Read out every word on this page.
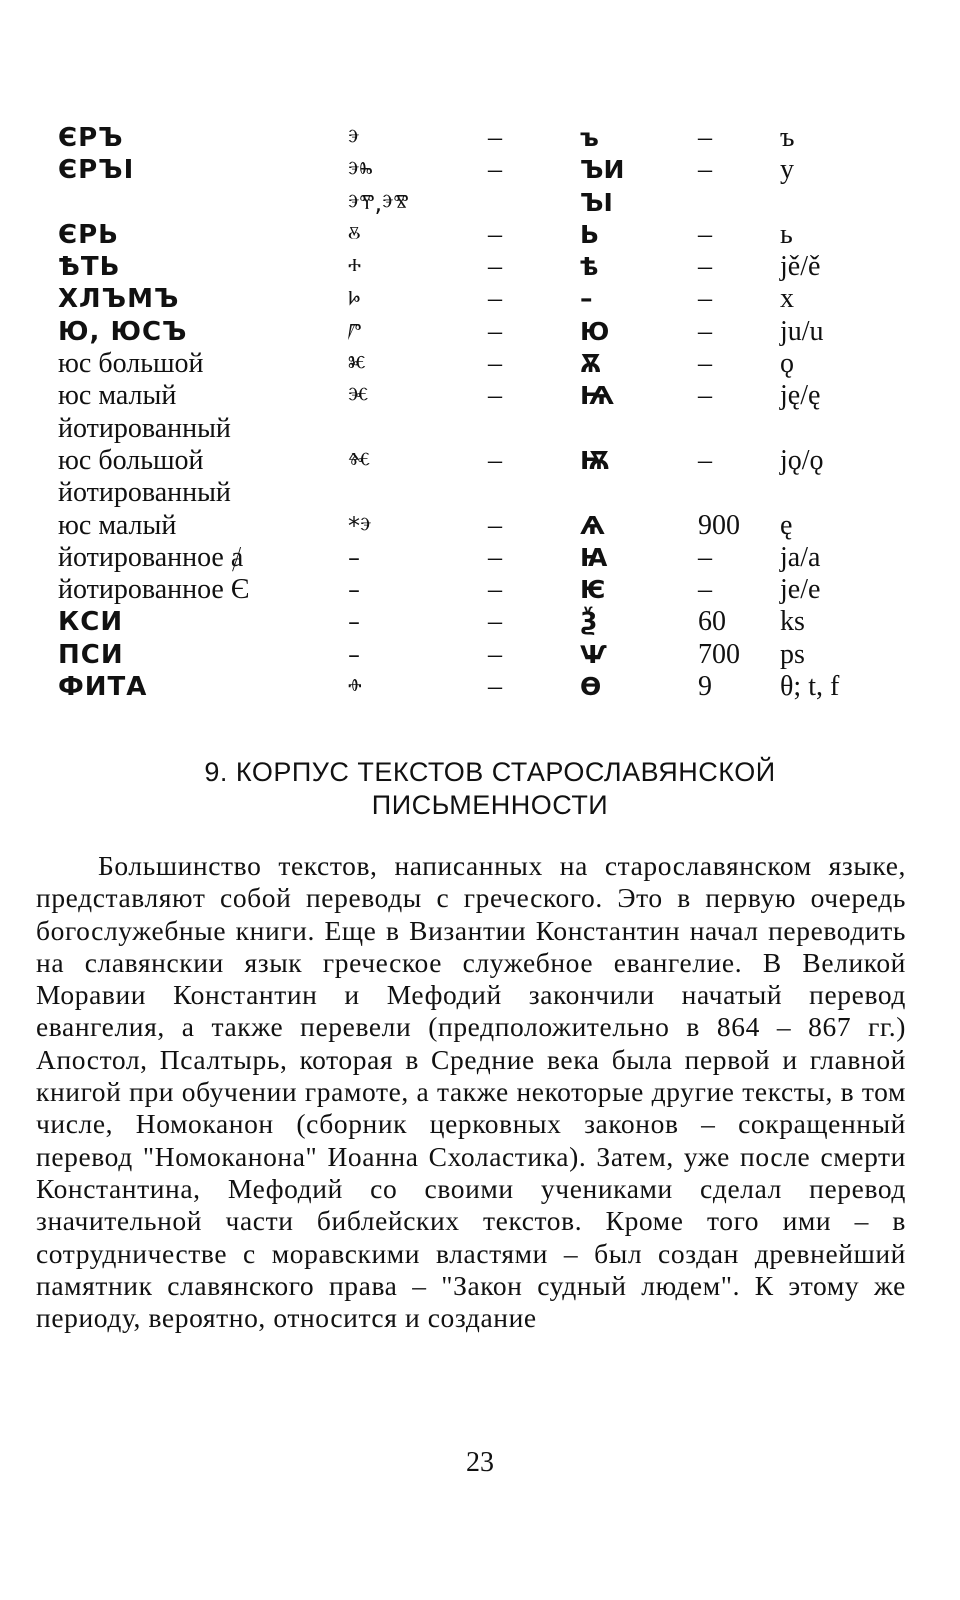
ЄРЪ	ⰵ	–	ъ	– ъ
ЄРЪІ	ⰵⰸ	–	ЪИ	– y
ⰵⰹ,ⰵⰺ	ЪІ
ЄРЬ	ⰻ	–	Ь	– ь
ѢТЬ	ⰰ	–	ѣ	– jě/ě
ХЛЪМЪ	ⱈ	–	–	– x
Ю, ЮСЪ	ⱓ	–	Ю	– ju/u
юс большой	ⱘ	–	Ѫ	– ǫ
юс малый	ⱗ	–	Ѩ	– ję/ę
йотированный
юс большой	ⱙ	–	Ѭ	– jǫ/ǫ
йотированный
юс малый	*ⰵ	–	Ѧ	900 ę
йотированное ⱥ	–	–	Ꙗ	– ja/a
йотированное Є	–	–	Ѥ	– je/e
КСИ	–	–	Ѯ	60 ks
ПСИ	–	–	Ѱ	700 ps
ФИТА	ⱚ	–	Ѳ	9 θ; t, f
9. КОРПУС ТЕКСТОВ СТАРОСЛАВЯНСКОЙ
ПИСЬМЕННОСТИ

Большинство текстов, написанных на старославянском языке, представляют собой переводы с греческого. Это в первую очередь богослужебные книги. Еще в Византии Константин начал переводить на славянскии язык греческое служебное евангелие. В Великой Моравии Константин и Мефодий закончили начатый перевод евангелия, а также перевели (предположительно в 864 – 867 гг.) Апостол, Псалтырь, которая в Средние века была первой и главной книгой при обучении грамоте, а также некоторые другие тексты, в том числе, Номоканон (сборник церковных законов – сокращенный перевод "Номоканона" Иоанна Схоластика). Затем, уже после смерти Константина, Мефодий со своими учениками сделал перевод значительной части библейских текстов. Кроме того ими – в сотрудничестве с моравскими властями – был создан древнейший памятник славянского права – "Закон судный людем". К этому же периоду, вероятно, относится и создание

23
